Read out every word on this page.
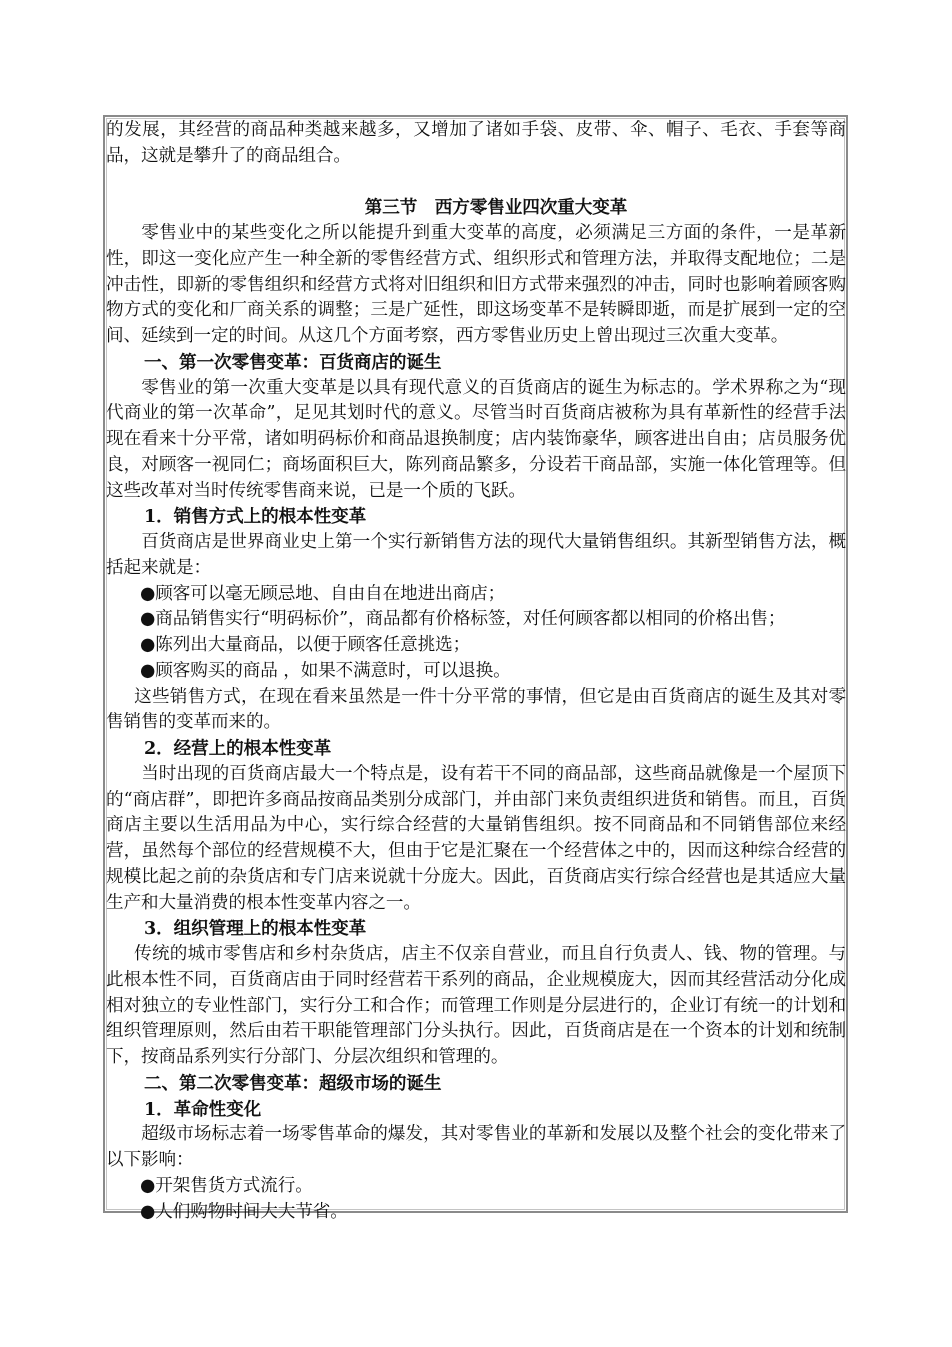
的发展，其经营的商品种类越来越多，又增加了诸如手袋、皮带、伞、帽子、毛衣、手套等商品，这就是攀升了的商品组合。

第三节　西方零售业四次重大变革

零售业中的某些变化之所以能提升到重大变革的高度，必须满足三方面的条件，一是革新性，即这一变化应产生一种全新的零售经营方式、组织形式和管理方法，并取得支配地位；二是冲击性，即新的零售组织和经营方式将对旧组织和旧方式带来强烈的冲击，同时也影响着顾客购物方式的变化和厂商关系的调整；三是广延性，即这场变革不是转瞬即逝，而是扩展到一定的空间、延续到一定的时间。从这几个方面考察，西方零售业历史上曾出现过三次重大变革。

一、第一次零售变革：百货商店的诞生

零售业的第一次重大变革是以具有现代意义的百货商店的诞生为标志的。学术界称之为“现代商业的第一次革命”，足见其划时代的意义。尽管当时百货商店被称为具有革新性的经营手法现在看来十分平常，诸如明码标价和商品退换制度；店内装饰豪华，顾客进出自由；店员服务优良，对顾客一视同仁；商场面积巨大，陈列商品繁多，分设若干商品部，实施一体化管理等。但这些改革对当时传统零售商来说，已是一个质的飞跃。

1．销售方式上的根本性变革

百货商店是世界商业史上第一个实行新销售方法的现代大量销售组织。其新型销售方法，概括起来就是：

●顾客可以毫无顾忌地、自由自在地进出商店；

●商品销售实行“明码标价”，商品都有价格标签，对任何顾客都以相同的价格出售；

●陈列出大量商品，以便于顾客任意挑选；

●顾客购买的商品 ，如果不满意时，可以退换。

这些销售方式，在现在看来虽然是一件十分平常的事情，但它是由百货商店的诞生及其对零售销售的变革而来的。

2．经营上的根本性变革

当时出现的百货商店最大一个特点是，设有若干不同的商品部，这些商品就像是一个屋顶下的“商店群”，即把许多商品按商品类别分成部门，并由部门来负责组织进货和销售。而且，百货商店主要以生活用品为中心，实行综合经营的大量销售组织。按不同商品和不同销售部位来经营，虽然每个部位的经营规模不大，但由于它是汇聚在一个经营体之中的，因而这种综合经营的规模比起之前的杂货店和专门店来说就十分庞大。因此，百货商店实行综合经营也是其适应大量生产和大量消费的根本性变革内容之一。

3．组织管理上的根本性变革

传统的城市零售店和乡村杂货店，店主不仅亲自营业，而且自行负责人、钱、物的管理。与此根本性不同，百货商店由于同时经营若干系列的商品，企业规模庞大，因而其经营活动分化成相对独立的专业性部门，实行分工和合作；而管理工作则是分层进行的，企业订有统一的计划和组织管理原则，然后由若干职能管理部门分头执行。因此，百货商店是在一个资本的计划和统制下，按商品系列实行分部门、分层次组织和管理的。

二、第二次零售变革：超级市场的诞生

1．革命性变化

超级市场标志着一场零售革命的爆发，其对零售业的革新和发展以及整个社会的变化带来了以下影响：

●开架售货方式流行。

●人们购物时间大大节省。
